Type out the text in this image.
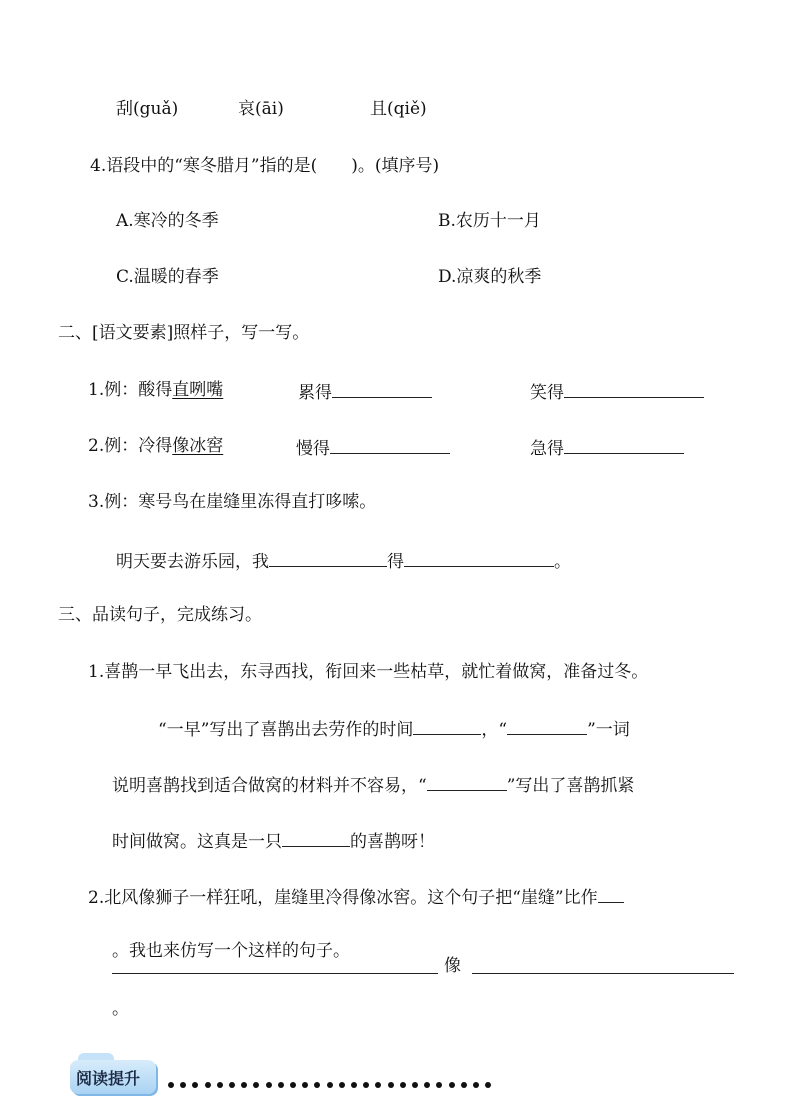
刮(guǎ)	哀(āi)	且(qiě)
4.语段中的“寒冬腊月”指的是(　　)。(填序号)
A.寒冷的冬季	B.农历十一月
C.温暖的春季	D.凉爽的秋季
二、[语文要素]照样子，写一写。
1.例：酸得直咧嘴	累得	笑得
2.例：冷得像冰窖	慢得	急得
3.例：寒号鸟在崖缝里冻得直打哆嗦。
明天要去游乐园，我	得	。
三、品读句子，完成练习。
1.喜鹊一早飞出去，东寻西找，衔回来一些枯草，就忙着做窝，准备过冬。
“一早”写出了喜鹊出去劳作的时间	，“	”一词
说明喜鹊找到适合做窝的材料并不容易，“	”写出了喜鹊抓紧
时间做窝。这真是一只	的喜鹊呀！
2.北风像狮子一样狂吼，崖缝里冷得像冰窖。这个句子把“崖缝”比作
。我也来仿写一个这样的句子。
像
。
阅读提升
